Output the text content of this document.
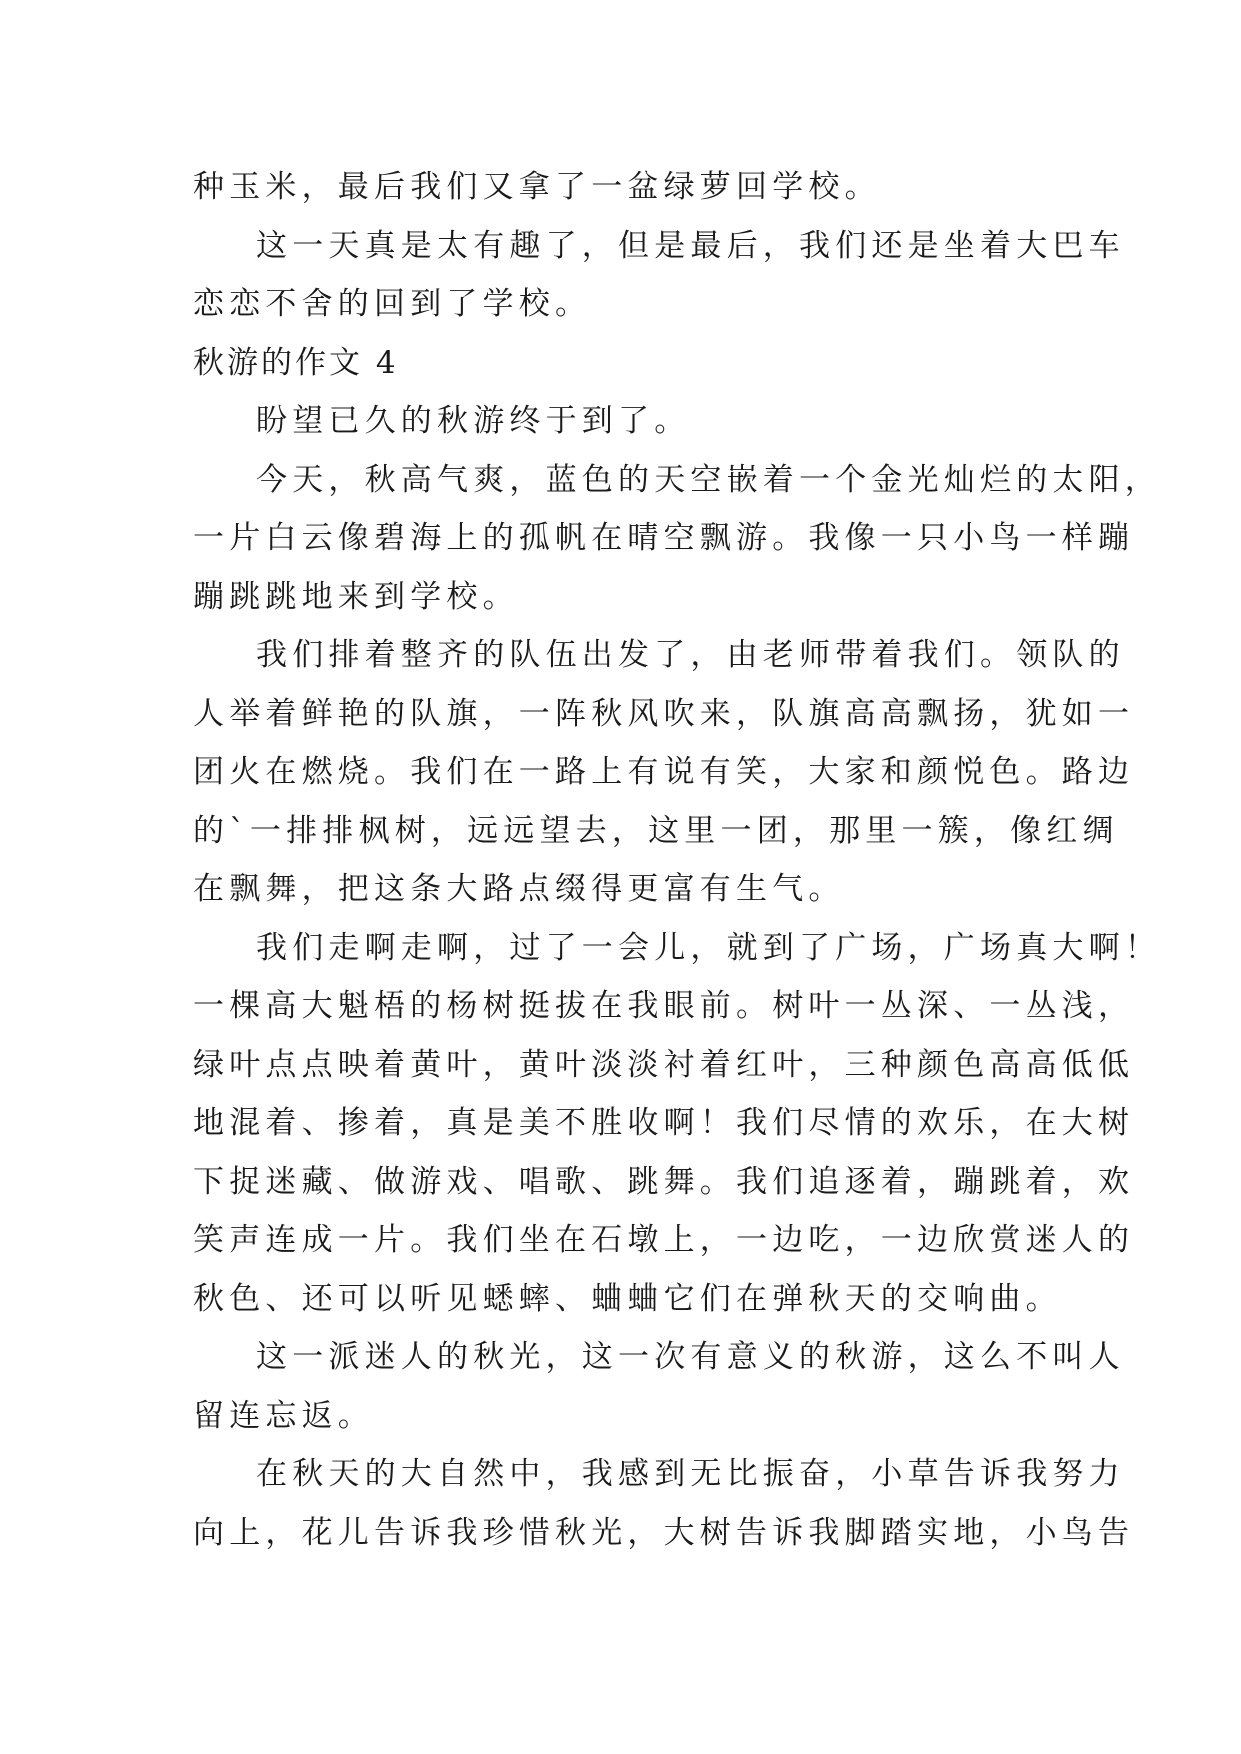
种玉米，最后我们又拿了一盆绿萝回学校。
这一天真是太有趣了，但是最后，我们还是坐着大巴车
恋恋不舍的回到了学校。
秋游的作文 4
盼望已久的秋游终于到了。
今天，秋高气爽，蓝色的天空嵌着一个金光灿烂的太阳，
一片白云像碧海上的孤帆在晴空飘游。我像一只小鸟一样蹦
蹦跳跳地来到学校。
我们排着整齐的队伍出发了，由老师带着我们。领队的
人举着鲜艳的队旗，一阵秋风吹来，队旗高高飘扬，犹如一
团火在燃烧。我们在一路上有说有笑，大家和颜悦色。路边
的`一排排枫树，远远望去，这里一团，那里一簇，像红绸
在飘舞，把这条大路点缀得更富有生气。
我们走啊走啊，过了一会儿，就到了广场，广场真大啊！
一棵高大魁梧的杨树挺拔在我眼前。树叶一丛深、一丛浅，
绿叶点点映着黄叶，黄叶淡淡衬着红叶，三种颜色高高低低
地混着、掺着，真是美不胜收啊！我们尽情的欢乐，在大树
下捉迷藏、做游戏、唱歌、跳舞。我们追逐着，蹦跳着，欢
笑声连成一片。我们坐在石墩上，一边吃，一边欣赏迷人的
秋色、还可以听见蟋蟀、蛐蛐它们在弹秋天的交响曲。
这一派迷人的秋光，这一次有意义的秋游，这么不叫人
留连忘返。
在秋天的大自然中，我感到无比振奋，小草告诉我努力
向上，花儿告诉我珍惜秋光，大树告诉我脚踏实地，小鸟告
